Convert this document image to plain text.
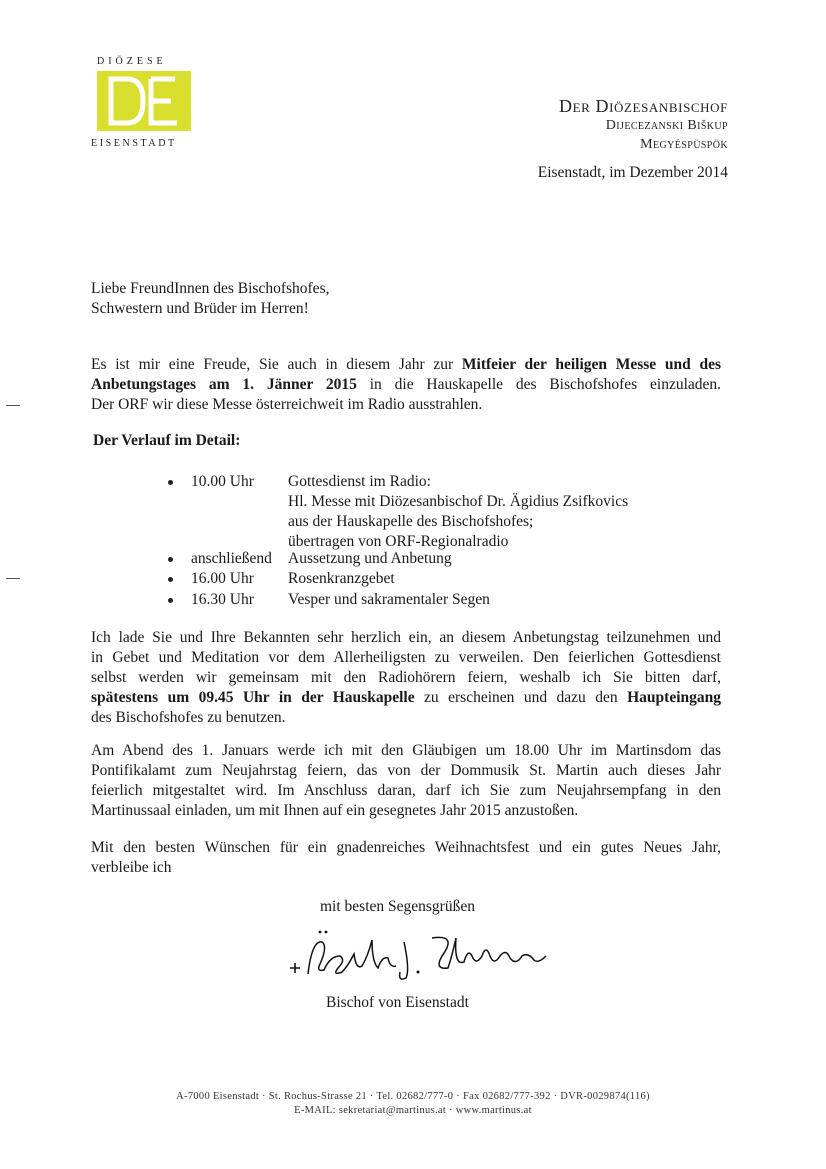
DIÖZESE
EISENSTADT
Der Diözesanbischof
Dijecezanski Biškup
Megyéspüspök
Eisenstadt, im Dezember 2014
Liebe FreundInnen des Bischofshofes,
Schwestern und Brüder im Herren!
Es ist mir eine Freude, Sie auch in diesem Jahr zur Mitfeier der heiligen Messe und des
Anbetungstages am 1. Jänner 2015 in die Hauskapelle des Bischofshofes einzuladen.
Der ORF wir diese Messe österreichweit im Radio ausstrahlen.
Der Verlauf im Detail:
10.00 Uhr Gottesdienst im Radio:
Hl. Messe mit Diözesanbischof Dr. Ägidius Zsifkovics
aus der Hauskapelle des Bischofshofes;
übertragen von ORF-Regionalradio
anschließend Aussetzung und Anbetung
16.00 Uhr Rosenkranzgebet
16.30 Uhr Vesper und sakramentaler Segen
Ich lade Sie und Ihre Bekannten sehr herzlich ein, an diesem Anbetungstag teilzunehmen und
in Gebet und Meditation vor dem Allerheiligsten zu verweilen. Den feierlichen Gottesdienst
selbst werden wir gemeinsam mit den Radiohörern feiern, weshalb ich Sie bitten darf,
spätestens um 09.45 Uhr in der Hauskapelle zu erscheinen und dazu den Haupteingang
des Bischofshofes zu benutzen.
Am Abend des 1. Januars werde ich mit den Gläubigen um 18.00 Uhr im Martinsdom das
Pontifikalamt zum Neujahrstag feiern, das von der Dommusik St. Martin auch dieses Jahr
feierlich mitgestaltet wird. Im Anschluss daran, darf ich Sie zum Neujahrsempfang in den
Martinussaal einladen, um mit Ihnen auf ein gesegnetes Jahr 2015 anzustoßen.
Mit den besten Wünschen für ein gnadenreiches Weihnachtsfest und ein gutes Neues Jahr,
verbleibe ich
mit besten Segensgrüßen
Bischof von Eisenstadt
A-7000 Eisenstadt · St. Rochus-Strasse 21 · Tel. 02682/777-0 · Fax 02682/777-392 · DVR-0029874(116)
E-MAIL: sekretariat@martinus.at · www.martinus.at
